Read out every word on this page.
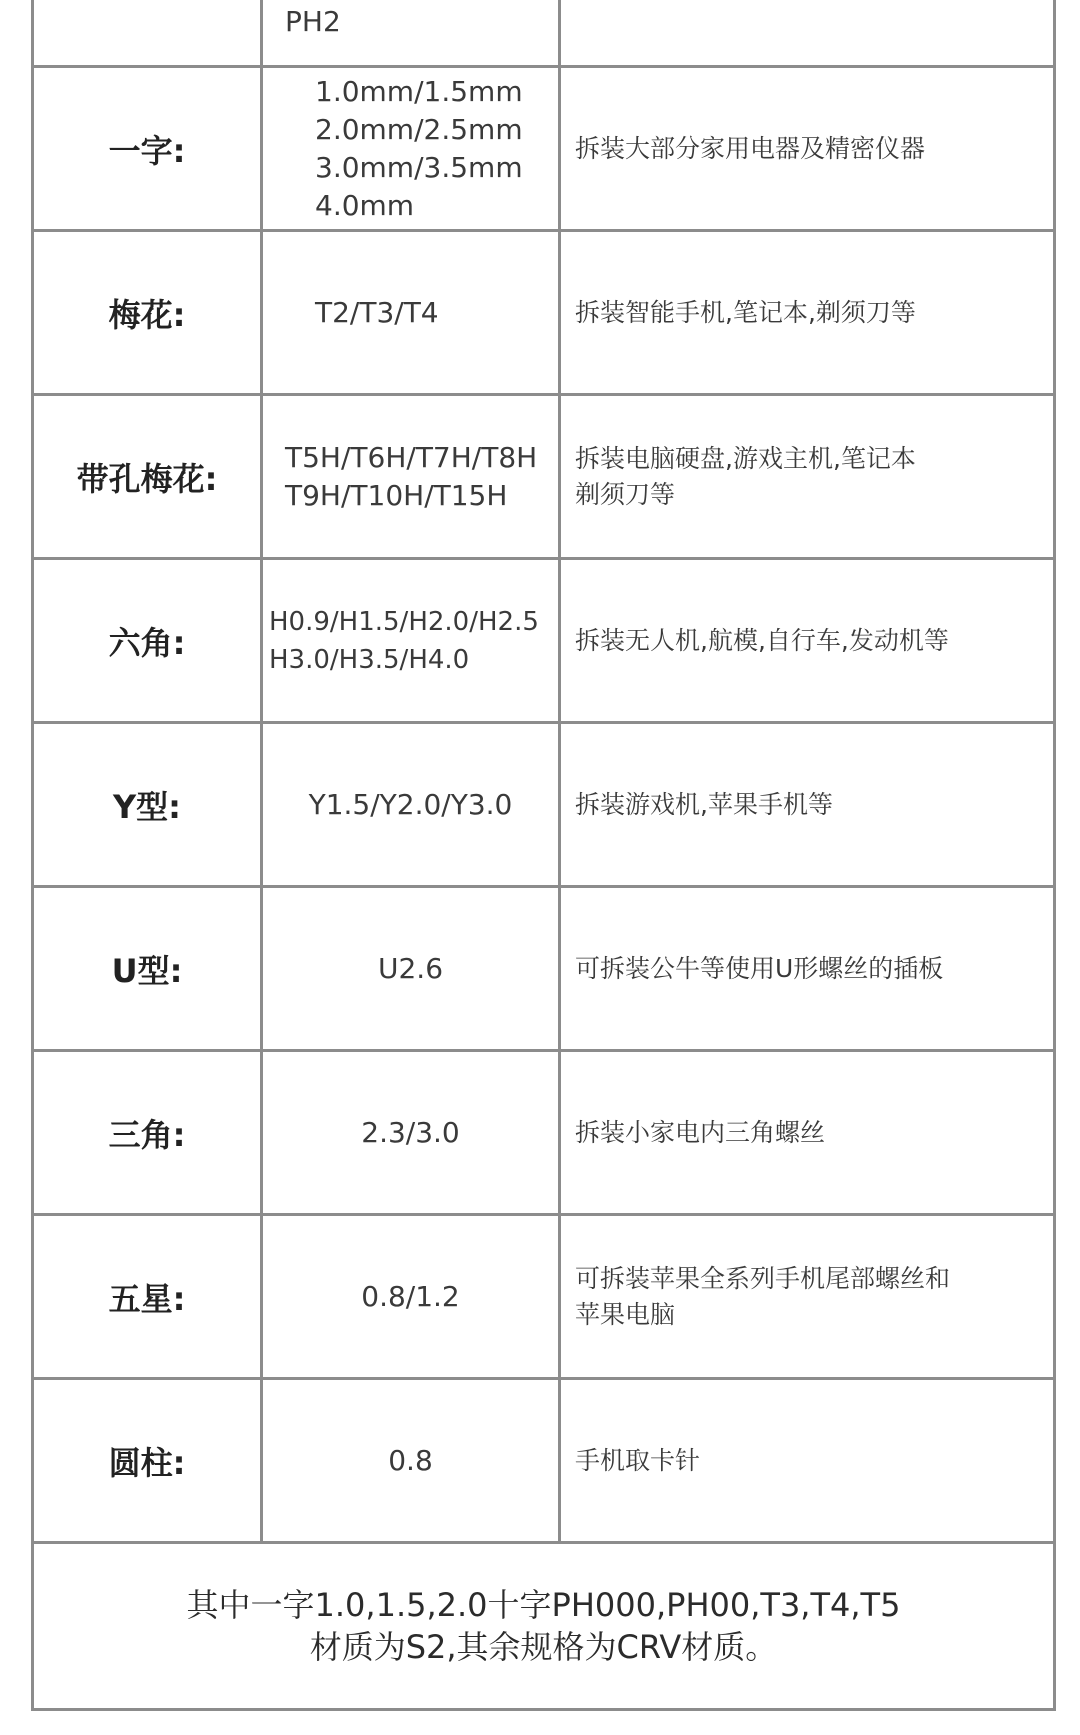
	PH2

一字:	1.0mm/1.5mm
2.0mm/2.5mm
3.0mm/3.5mm
4.0mm	拆装大部分家用电器及精密仪器

梅花:	T2/T3/T4	拆装智能手机,笔记本,剃须刀等

带孔梅花:	T5H/T6H/T7H/T8H
T9H/T10H/T15H	拆装电脑硬盘,游戏主机,笔记本
剃须刀等

六角:	H0.9/H1.5/H2.0/H2.5
H3.0/H3.5/H4.0	拆装无人机,航模,自行车,发动机等

Y型:	Y1.5/Y2.0/Y3.0	拆装游戏机,苹果手机等

U型:	U2.6	可拆装公牛等使用U形螺丝的插板

三角:	2.3/3.0	拆装小家电内三角螺丝

五星:	0.8/1.2	可拆装苹果全系列手机尾部螺丝和
苹果电脑

圆柱:	0.8	手机取卡针

其中一字1.0,1.5,2.0十字PH000,PH00,T3,T4,T5
材质为S2,其余规格为CRV材质。		
